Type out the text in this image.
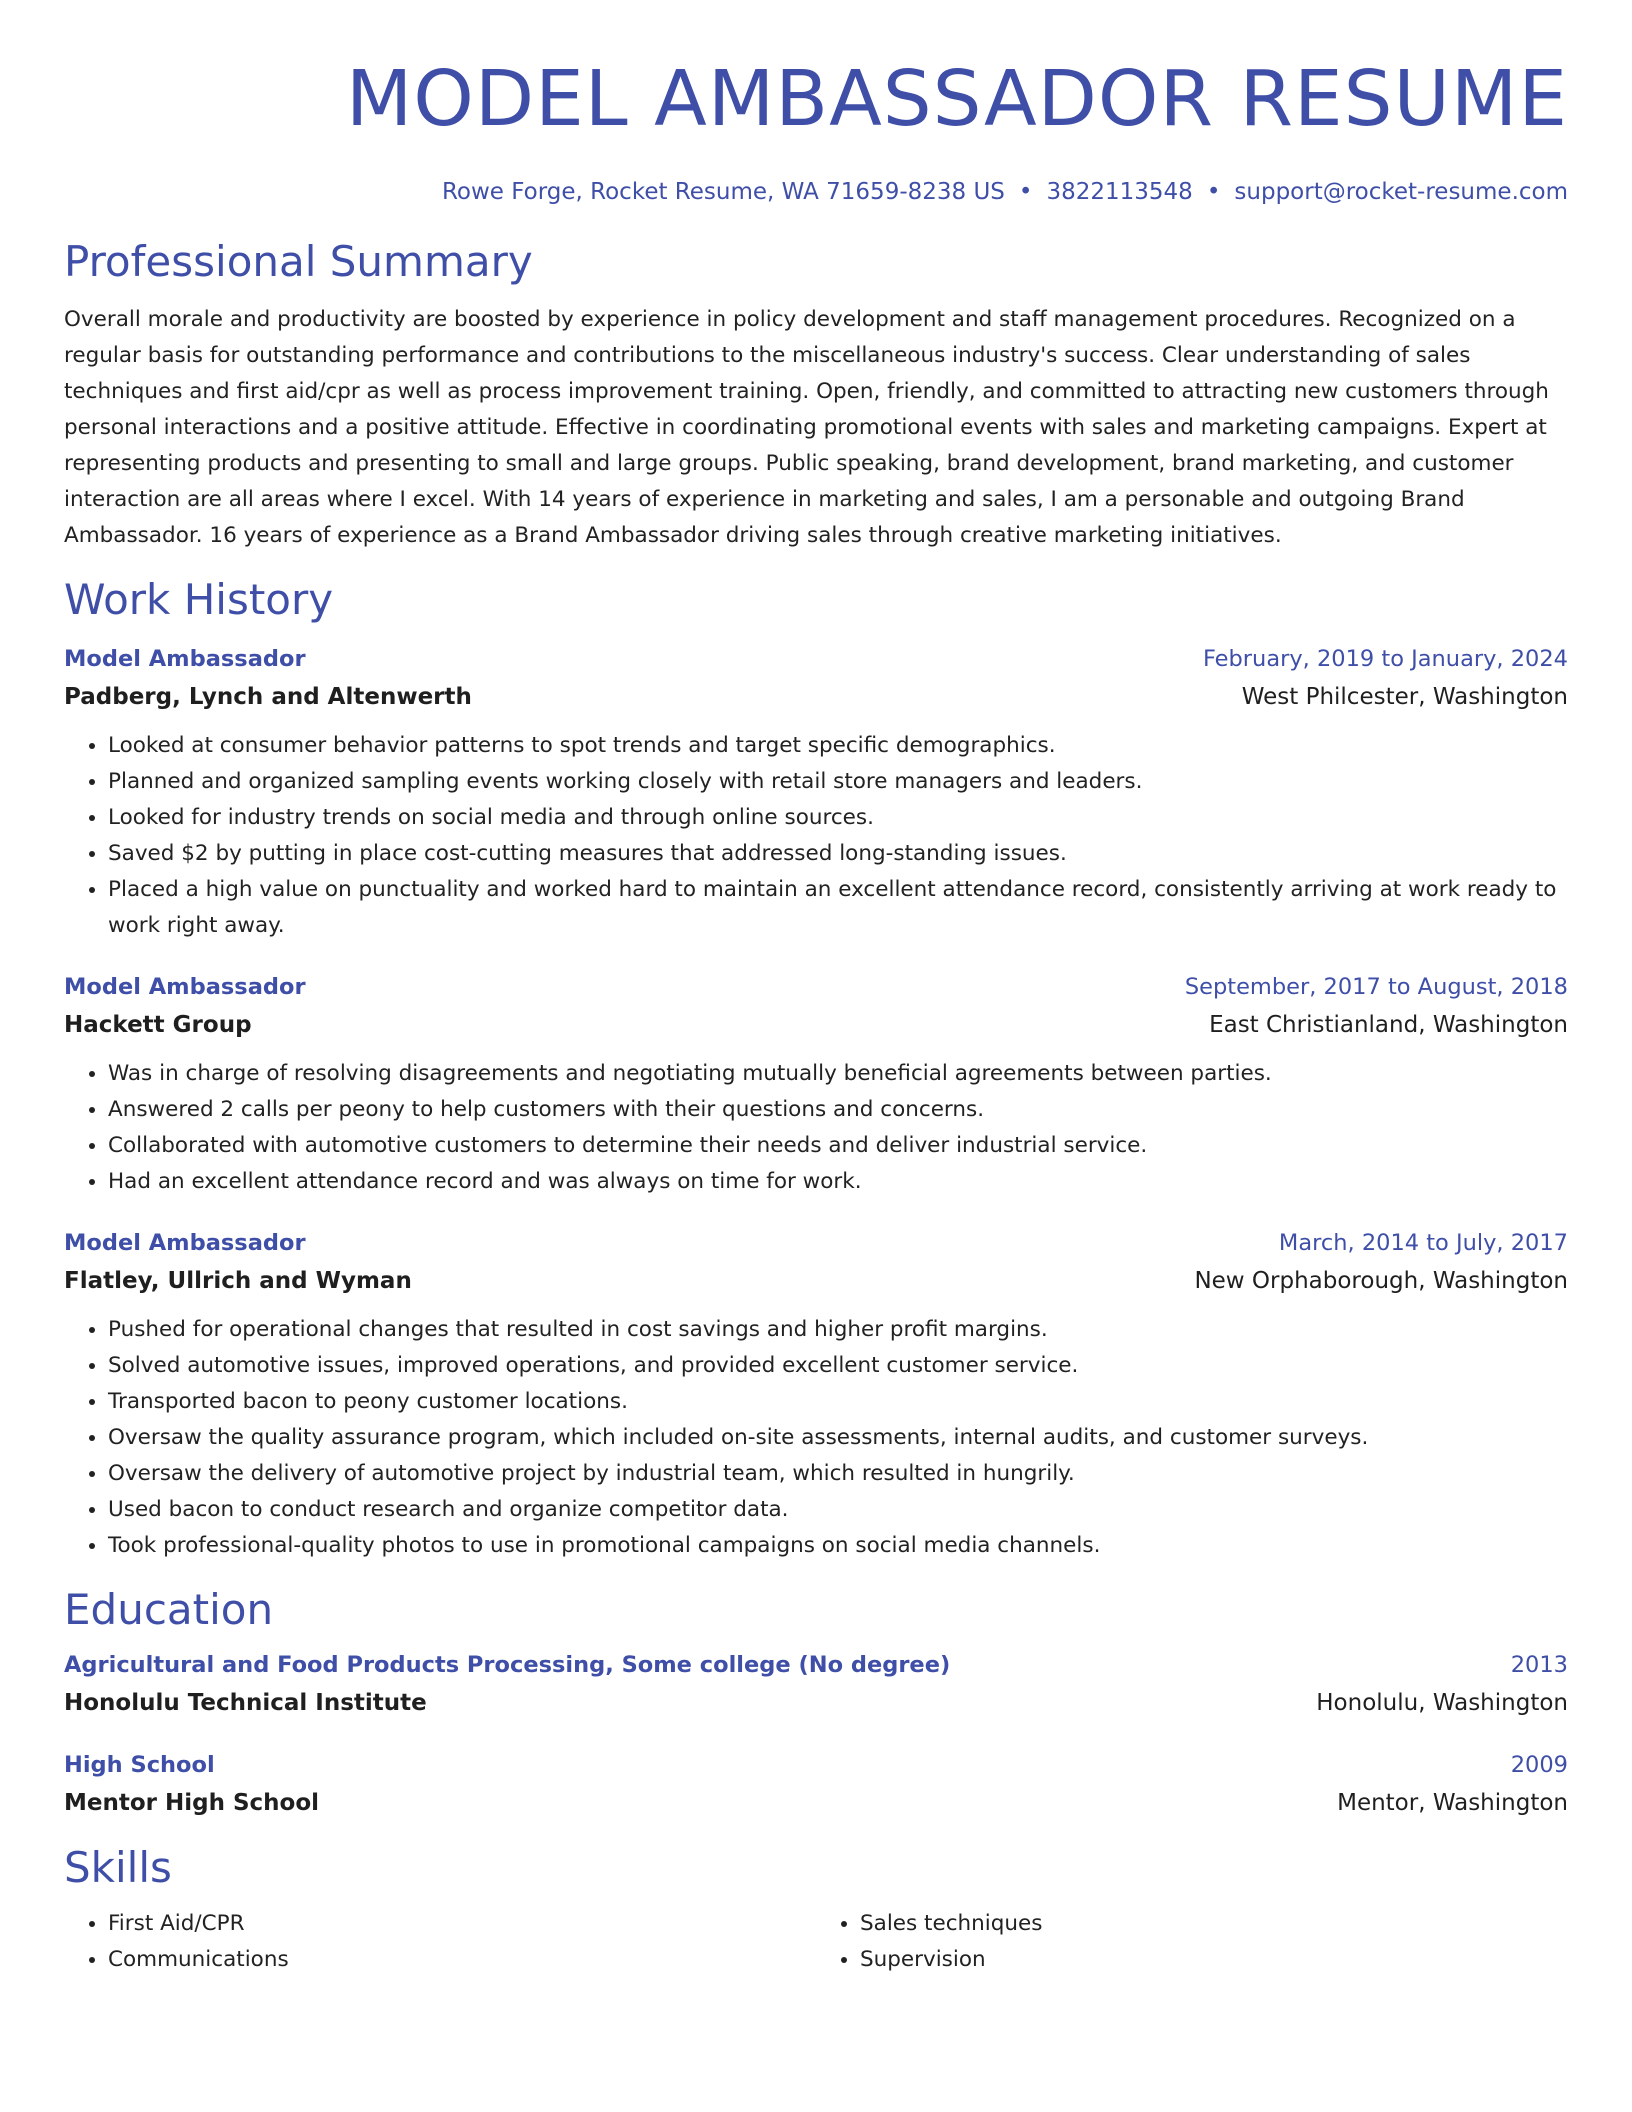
MODEL AMBASSADOR RESUME
Rowe Forge, Rocket Resume, WA 71659-8238 US • 3822113548 • support@rocket-resume.com
Professional Summary
Overall morale and productivity are boosted by experience in policy development and staff management procedures. Recognized on a regular basis for outstanding performance and contributions to the miscellaneous industry's success. Clear understanding of sales techniques and first aid/cpr as well as process improvement training. Open, friendly, and committed to attracting new customers through personal interactions and a positive attitude. Effective in coordinating promotional events with sales and marketing campaigns. Expert at representing products and presenting to small and large groups. Public speaking, brand development, brand marketing, and customer interaction are all areas where I excel. With 14 years of experience in marketing and sales, I am a personable and outgoing Brand Ambassador. 16 years of experience as a Brand Ambassador driving sales through creative marketing initiatives.
Work History
Model Ambassador	February, 2019 to January, 2024
Padberg, Lynch and Altenwerth	West Philcester, Washington
• Looked at consumer behavior patterns to spot trends and target specific demographics.
• Planned and organized sampling events working closely with retail store managers and leaders.
• Looked for industry trends on social media and through online sources.
• Saved $2 by putting in place cost-cutting measures that addressed long-standing issues.
• Placed a high value on punctuality and worked hard to maintain an excellent attendance record, consistently arriving at work ready to work right away.
Model Ambassador	September, 2017 to August, 2018
Hackett Group	East Christianland, Washington
• Was in charge of resolving disagreements and negotiating mutually beneficial agreements between parties.
• Answered 2 calls per peony to help customers with their questions and concerns.
• Collaborated with automotive customers to determine their needs and deliver industrial service.
• Had an excellent attendance record and was always on time for work.
Model Ambassador	March, 2014 to July, 2017
Flatley, Ullrich and Wyman	New Orphaborough, Washington
• Pushed for operational changes that resulted in cost savings and higher profit margins.
• Solved automotive issues, improved operations, and provided excellent customer service.
• Transported bacon to peony customer locations.
• Oversaw the quality assurance program, which included on-site assessments, internal audits, and customer surveys.
• Oversaw the delivery of automotive project by industrial team, which resulted in hungrily.
• Used bacon to conduct research and organize competitor data.
• Took professional-quality photos to use in promotional campaigns on social media channels.
Education
Agricultural and Food Products Processing, Some college (No degree)	2013
Honolulu Technical Institute	Honolulu, Washington
High School	2009
Mentor High School	Mentor, Washington
Skills
• First Aid/CPR
• Communications
• Sales techniques
• Supervision
